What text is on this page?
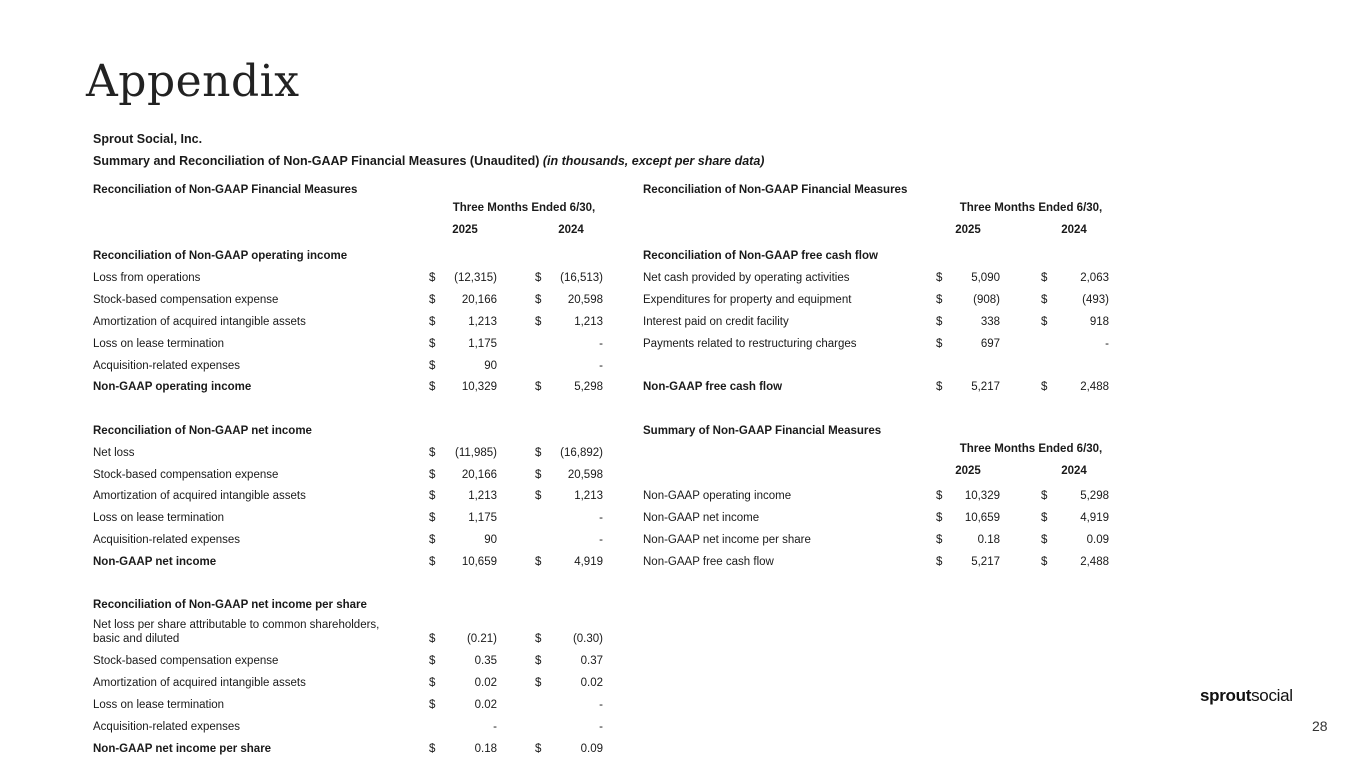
Appendix
Sprout Social, Inc.
Summary and Reconciliation of Non-GAAP Financial Measures (Unaudited) (in thousands, except per share data)
Reconciliation of Non-GAAP Financial Measures
Three Months Ended 6/30,
2025	2024
Reconciliation of Non-GAAP operating income
Loss from operations	$	(12,315)	$	(16,513)
Stock-based compensation expense	$	20,166	$	20,598
Amortization of acquired intangible assets	$	1,213	$	1,213
Loss on lease termination	$	1,175	-
Acquisition-related expenses	$	90	-
Non-GAAP operating income	$	10,329	$	5,298
Reconciliation of Non-GAAP net income
Net loss	$	(11,985)	$	(16,892)
Stock-based compensation expense	$	20,166	$	20,598
Amortization of acquired intangible assets	$	1,213	$	1,213
Loss on lease termination	$	1,175	-
Acquisition-related expenses	$	90	-
Non-GAAP net income	$	10,659	$	4,919
Reconciliation of Non-GAAP net income per share
Net loss per share attributable to common shareholders,
basic and diluted	$	(0.21)	$	(0.30)
Stock-based compensation expense	$	0.35	$	0.37
Amortization of acquired intangible assets	$	0.02	$	0.02
Loss on lease termination	$	0.02	-
Acquisition-related expenses	-	-
Non-GAAP net income per share	$	0.18	$	0.09
Reconciliation of Non-GAAP Financial Measures
Three Months Ended 6/30,
2025	2024
Reconciliation of Non-GAAP free cash flow
Net cash provided by operating activities	$	5,090	$	2,063
Expenditures for property and equipment	$	(908)	$	(493)
Interest paid on credit facility	$	338	$	918
Payments related to restructuring charges	$	697	-
Non-GAAP free cash flow	$	5,217	$	2,488
Summary of Non-GAAP Financial Measures
Three Months Ended 6/30,
2025	2024
Non-GAAP operating income	$	10,329	$	5,298
Non-GAAP net income	$	10,659	$	4,919
Non-GAAP net income per share	$	0.18	$	0.09
Non-GAAP free cash flow	$	5,217	$	2,488
sproutsocial
28
